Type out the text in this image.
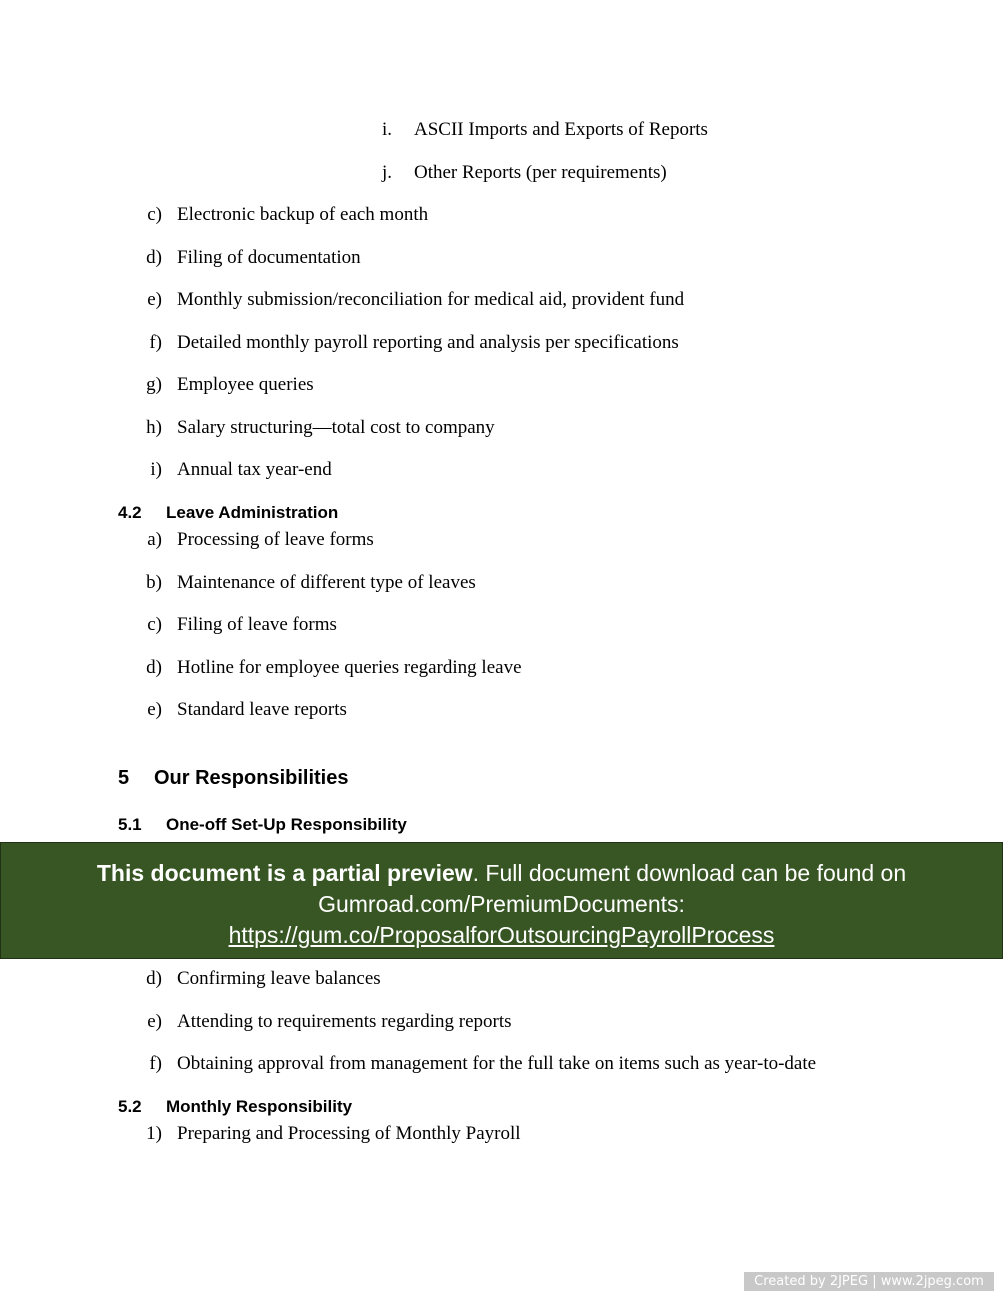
i. ASCII Imports and Exports of Reports
j. Other Reports (per requirements)
c) Electronic backup of each month
d) Filing of documentation
e) Monthly submission/reconciliation for medical aid, provident fund
f) Detailed monthly payroll reporting and analysis per specifications
g) Employee queries
h) Salary structuring—total cost to company
i) Annual tax year-end
4.2 Leave Administration
a) Processing of leave forms
b) Maintenance of different type of leaves
c) Filing of leave forms
d) Hotline for employee queries regarding leave
e) Standard leave reports
5 Our Responsibilities
5.1 One-off Set-Up Responsibility
This document is a partial preview. Full document download can be found on
Gumroad.com/PremiumDocuments:
https://gum.co/ProposalforOutsourcingPayrollProcess
d) Confirming leave balances
e) Attending to requirements regarding reports
f) Obtaining approval from management for the full take on items such as year-to-date
5.2 Monthly Responsibility
1) Preparing and Processing of Monthly Payroll
Created by 2JPEG | www.2jpeg.com
